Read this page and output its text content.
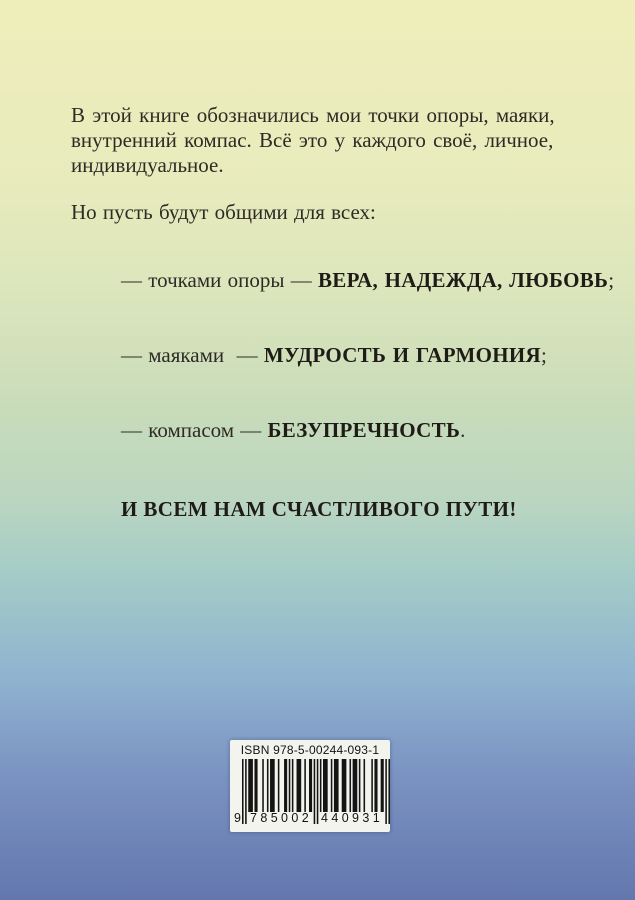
В этой книге обозначились мои точки опоры, маяки,
внутренний компас. Всё это у каждого своё, личное,
индивидуальное.
Но пусть будут общими для всех:

— точками опоры — ВЕРА, НАДЕЖДА, ЛЮБОВЬ;

— маяками  — МУДРОСТЬ И ГАРМОНИЯ;

— компасом — БЕЗУПРЕЧНОСТЬ.

И ВСЕМ НАМ СЧАСТЛИВОГО ПУТИ!
ISBN 978-5-00244-093-1
9 785002 440931
